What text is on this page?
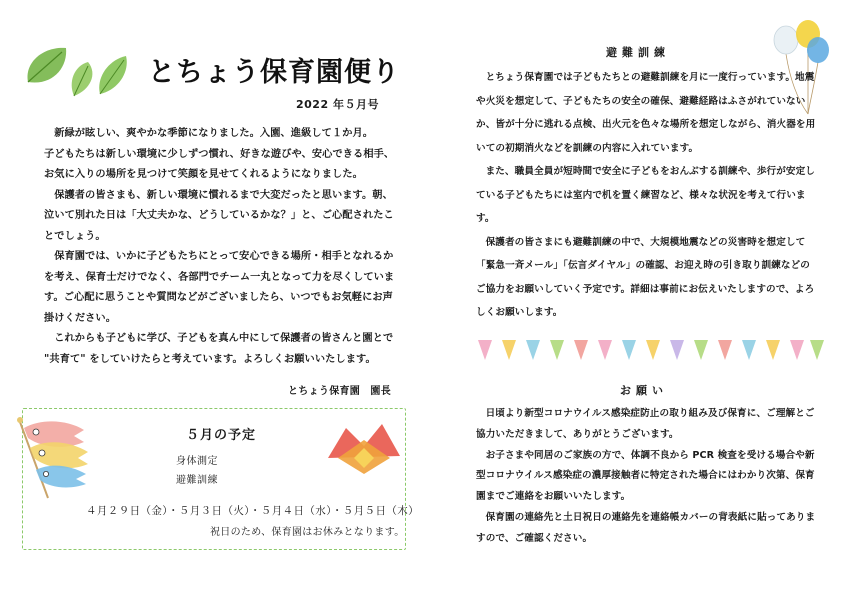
とちょう保育園便り
2022 年５月号

新緑が眩しい、爽やかな季節になりました。入園、進級して１か月。

子どもたちは新しい環境に少しずつ慣れ、好きな遊びや、安心できる相手、お気に入りの場所を見つけて笑顔を見せてくれるようになりました。

保護者の皆さまも、新しい環境に慣れるまで大変だったと思います。朝、泣いて別れた日は「大丈夫かな、どうしているかな？」と、ご心配されたことでしょう。

保育園では、いかに子どもたちにとって安心できる場所・相手となれるかを考え、保育士だけでなく、各部門でチーム一丸となって力を尽くしています。ご心配に思うことや質問などがございましたら、いつでもお気軽にお声掛けください。

これからも子どもに学び、子どもを真ん中にして保護者の皆さんと園とで "共育て" をしていけたらと考えています。よろしくお願いいたします。

とちょう保育園　園長
５月の予定
身体測定
避難訓練
４月２９日（金）・５月３日（火）・５月４日（水）・５月５日（木）
祝日のため、保育園はお休みとなります。
避難訓練

とちょう保育園では子どもたちとの避難訓練を月に一度行っています。地震や火災を想定して、子どもたちの安全の確保、避難経路はふさがれていないか、皆が十分に逃れる点検、出火元を色々な場所を想定しながら、消火器を用いての初期消火などを訓練の内容に入れています。

また、職員全員が短時間で安全に子どもをおんぶする訓練や、歩行が安定している子どもたちには室内で机を置く練習など、様々な状況を考えて行います。

保護者の皆さまにも避難訓練の中で、大規模地震などの災害時を想定して「緊急一斉メール」「伝言ダイヤル」の確認、お迎え時の引き取り訓練などのご協力をお願いしていく予定です。詳細は事前にお伝えいたしますので、よろしくお願いします。

お願い

日頃より新型コロナウイルス感染症防止の取り組み及び保育に、ご理解とご協力いただきまして、ありがとうございます。

お子さまや同居のご家族の方で、体調不良から PCR 検査を受ける場合や新型コロナウイルス感染症の濃厚接触者に特定された場合にはわかり次第、保育園までご連絡をお願いいたします。

保育園の連絡先と土日祝日の連絡先を連絡帳カバーの背表紙に貼ってありますので、ご確認ください。
